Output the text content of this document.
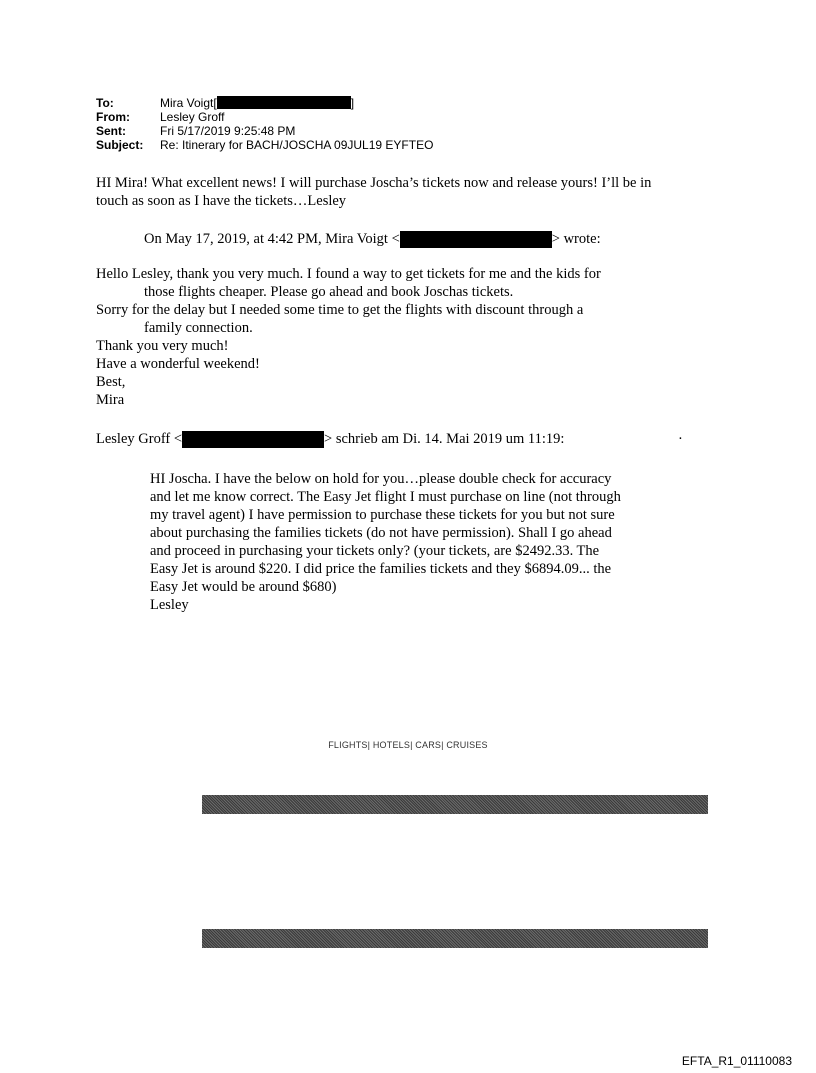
To:	Mira Voigt[	]
From:	Lesley Groff
Sent:	Fri 5/17/2019 9:25:48 PM
Subject:	Re: Itinerary for BACH/JOSCHA 09JUL19 EYFTEO

HI Mira! What excellent news! I will purchase Joscha’s tickets now and release yours! I’ll be in

touch as soon as I have the tickets…Lesley

On May 17, 2019, at 4:42 PM, Mira Voigt <	> wrote:

Hello Lesley, thank you very much. I found a way to get tickets for me and the kids for

those flights cheaper. Please go ahead and book Joschas tickets.

Sorry for the delay but I needed some time to get the flights with discount through a

family connection.

Thank you very much!

Have a wonderful weekend!

Best,

Mira

Lesley Groff <	> schrieb am Di. 14. Mai 2019 um 11:19:	·

HI Joscha. I have the below on hold for you…please double check for accuracy

and let me know correct. The Easy Jet flight I must purchase on line (not through

my travel agent) I have permission to purchase these tickets for you but not sure

about purchasing the families tickets (do not have permission). Shall I go ahead

and proceed in purchasing your tickets only? (your tickets, are $2492.33. The

Easy Jet is around $220. I did price the families tickets and they $6894.09... the

Easy Jet would be around $680)

Lesley

FLIGHTS| HOTELS| CARS| CRUISES
EFTA_R1_01110083
